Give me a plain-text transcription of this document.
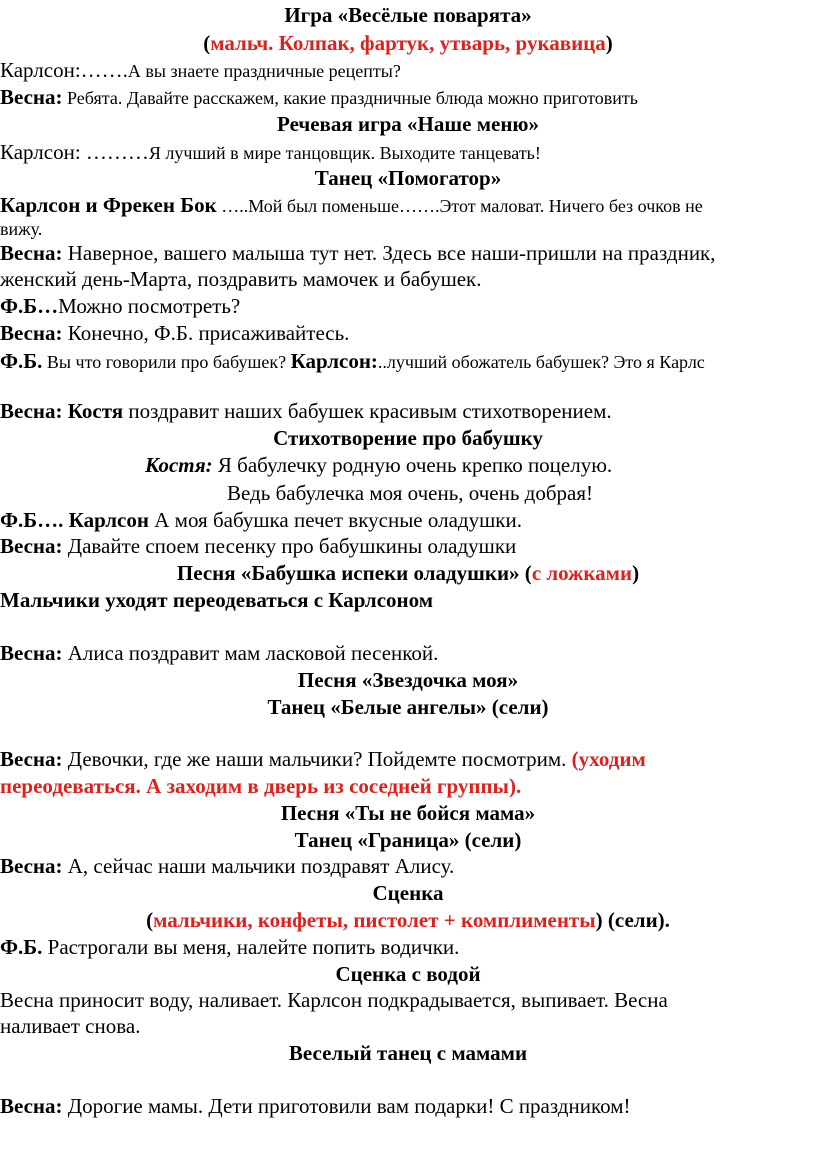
Игра «Весёлые поварята»
(мальч. Колпак, фартук, утварь, рукавица)
Карлсон:…….А вы знаете праздничные рецепты?
Весна: Ребята. Давайте расскажем, какие праздничные блюда можно приготовить
Речевая игра «Наше меню»
Карлсон: ………Я лучший в мире танцовщик. Выходите танцевать!
Танец «Помогатор»
Карлсон и Фрекен Бок …..Мой был поменьше…….Этот маловат. Ничего без очков не
вижу.
Весна: Наверное, вашего малыша тут нет. Здесь все наши-пришли на праздник,
женский день-Марта, поздравить мамочек и бабушек.
Ф.Б…Можно посмотреть?
Весна: Конечно, Ф.Б. присаживайтесь.
Ф.Б. Вы что говорили про бабушек? Карлсон:..лучший обожатель бабушек? Это я Карлс
Весна: Костя поздравит наших бабушек красивым стихотворением.
Стихотворение про бабушку
Костя: Я бабулечку родную очень крепко поцелую.
Ведь бабулечка моя очень, очень добрая!
Ф.Б…. Карлсон А моя бабушка печет вкусные оладушки.
Весна: Давайте споем песенку про бабушкины оладушки
Песня «Бабушка испеки оладушки» (с ложками)
Мальчики уходят переодеваться с Карлсоном
Весна: Алиса поздравит мам ласковой песенкой.
Песня «Звездочка моя»
Танец «Белые ангелы» (сели)
Весна: Девочки, где же наши мальчики? Пойдемте посмотрим. (уходим
переодеваться. А заходим в дверь из соседней группы).
Песня «Ты не бойся мама»
Танец «Граница» (сели)
Весна: А, сейчас наши мальчики поздравят Алису.
Сценка
(мальчики, конфеты, пистолет + комплименты) (сели).
Ф.Б. Растрогали вы меня, налейте попить водички.
Сценка с водой
Весна приносит воду, наливает. Карлсон подкрадывается, выпивает. Весна
наливает снова.
Веселый танец с мамами
Весна: Дорогие мамы. Дети приготовили вам подарки! С праздником!
